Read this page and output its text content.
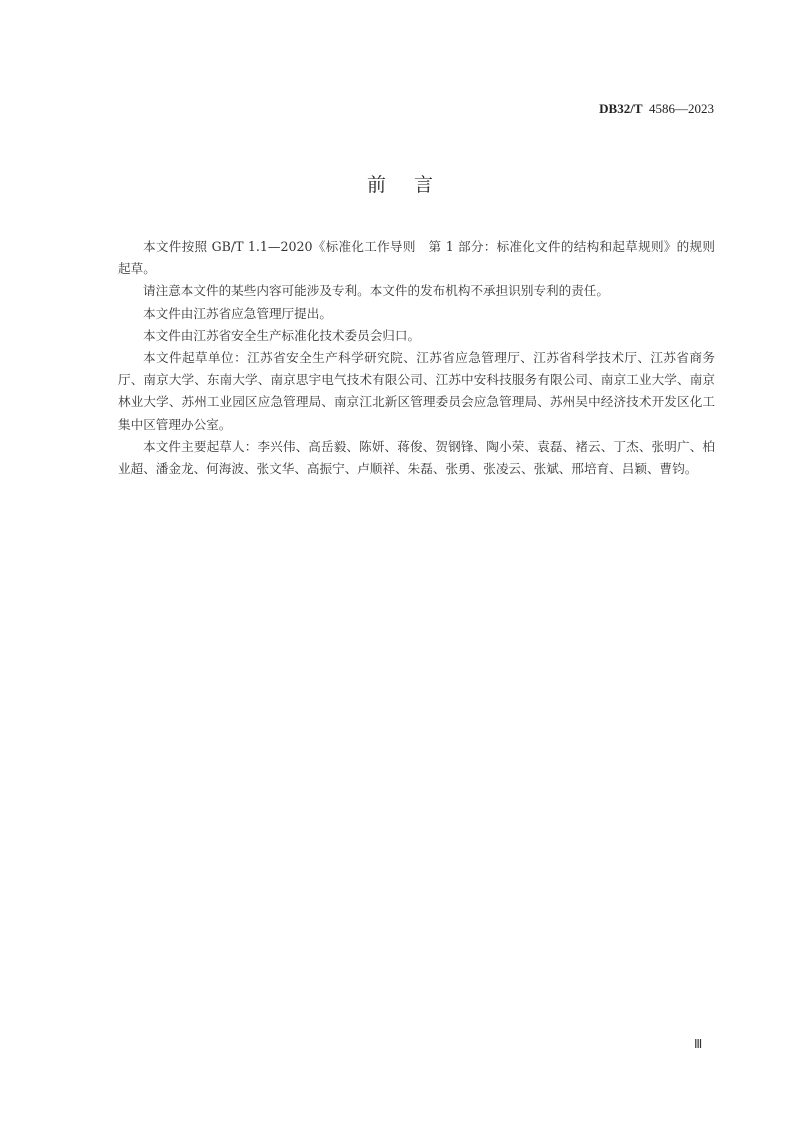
DB32/T 4586—2023
前言

本文件按照 GB/T 1.1—2020《标准化工作导则　第 1 部分：标准化文件的结构和起草规则》的规则起草。

请注意本文件的某些内容可能涉及专利。本文件的发布机构不承担识别专利的责任。

本文件由江苏省应急管理厅提出。

本文件由江苏省安全生产标准化技术委员会归口。

本文件起草单位：江苏省安全生产科学研究院、江苏省应急管理厅、江苏省科学技术厅、江苏省商务厅、南京大学、东南大学、南京思宇电气技术有限公司、江苏中安科技服务有限公司、南京工业大学、南京林业大学、苏州工业园区应急管理局、南京江北新区管理委员会应急管理局、苏州吴中经济技术开发区化工集中区管理办公室。

本文件主要起草人：李兴伟、高岳毅、陈妍、蒋俊、贺钢锋、陶小荣、袁磊、褚云、丁杰、张明广、柏业超、潘金龙、何海波、张文华、高振宁、卢顺祥、朱磊、张勇、张凌云、张斌、邢培育、吕颖、曹钧。

Ⅲ
